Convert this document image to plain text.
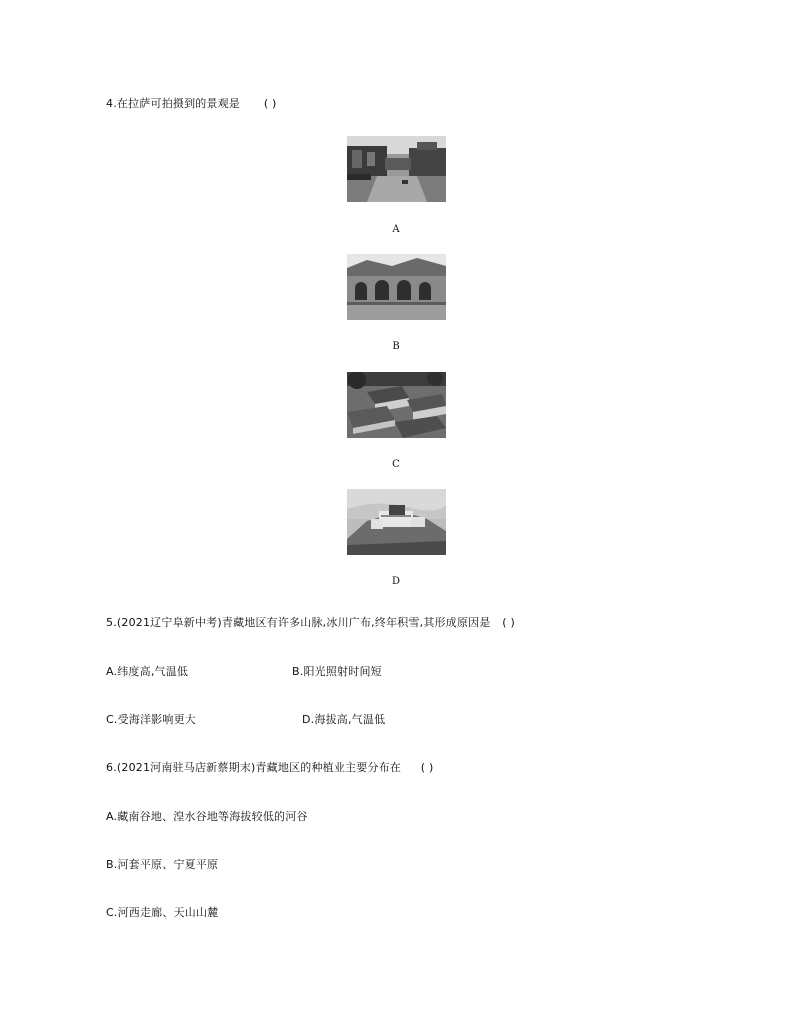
4.在拉萨可拍摄到的景观是 ( )
A
B
C
D
5.(2021辽宁阜新中考)青藏地区有许多山脉,冰川广布,终年积雪,其形成原因是 ( )
A.纬度高,气温低	B.阳光照射时间短
C.受海洋影响更大	D.海拔高,气温低
6.(2021河南驻马店新蔡期末)青藏地区的种植业主要分布在 ( )
A.藏南谷地、湟水谷地等海拔较低的河谷
B.河套平原、宁夏平原
C.河西走廊、天山山麓
